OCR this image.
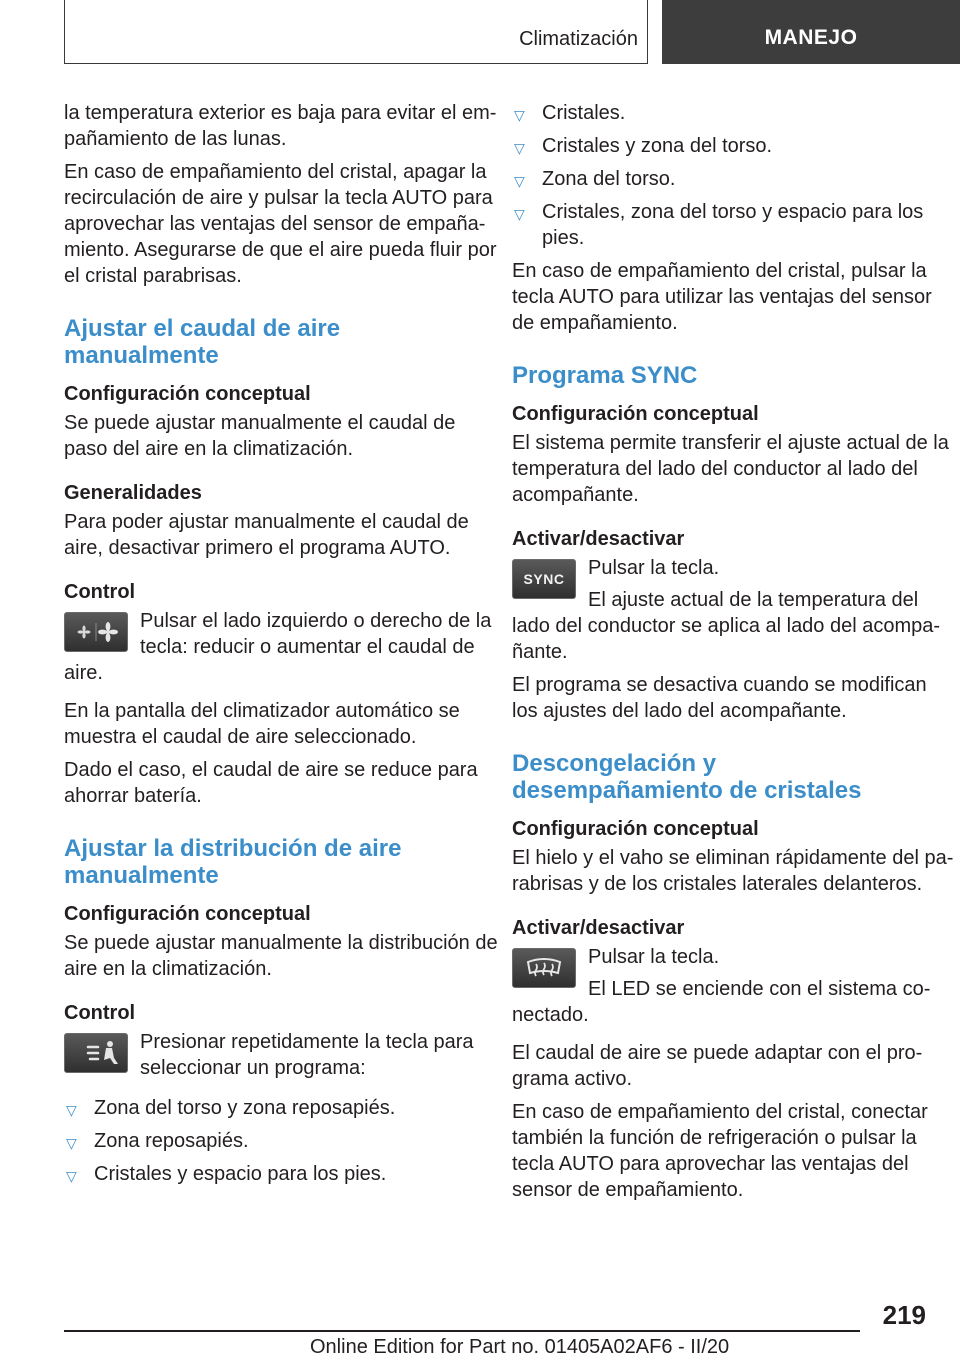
Climatización	MANEJO

la temperatura exterior es baja para evitar el em-
pañamiento de las lunas.

En caso de empañamiento del cristal, apagar la
recirculación de aire y pulsar la tecla AUTO para
aprovechar las ventajas del sensor de empaña-
miento. Asegurarse de que el aire pueda fluir por
el cristal parabrisas.

Ajustar el caudal de aire
manualmente
Configuración conceptual

Se puede ajustar manualmente el caudal de
paso del aire en la climatización.

Generalidades

Para poder ajustar manualmente el caudal de
aire, desactivar primero el programa AUTO.

Control

Pulsar el lado izquierdo o derecho de la
tecla: reducir o aumentar el caudal de

aire.

En la pantalla del climatizador automático se
muestra el caudal de aire seleccionado.

Dado el caso, el caudal de aire se reduce para
ahorrar batería.

Ajustar la distribución de aire
manualmente
Configuración conceptual

Se puede ajustar manualmente la distribución de
aire en la climatización.

Control

Presionar repetidamente la tecla para
seleccionar un programa:

▽ Zona del torso y zona reposapiés.
▽ Zona reposapiés.
▽ Cristales y espacio para los pies.
▽ Cristales.
▽ Cristales y zona del torso.
▽ Zona del torso.
▽ Cristales, zona del torso y espacio para los
pies.

En caso de empañamiento del cristal, pulsar la
tecla AUTO para utilizar las ventajas del sensor
de empañamiento.

Programa SYNC
Configuración conceptual

El sistema permite transferir el ajuste actual de la
temperatura del lado del conductor al lado del
acompañante.

Activar/desactivar
SYNC	Pulsar la tecla.

El ajuste actual de la temperatura del

lado del conductor se aplica al lado del acompa-
ñante.

El programa se desactiva cuando se modifican
los ajustes del lado del acompañante.

Descongelación y
desempañamiento de cristales
Configuración conceptual

El hielo y el vaho se eliminan rápidamente del pa-
rabrisas y de los cristales laterales delanteros.

Activar/desactivar

Pulsar la tecla.

El LED se enciende con el sistema co-

nectado.

El caudal de aire se puede adaptar con el pro-
grama activo.

En caso de empañamiento del cristal, conectar
también la función de refrigeración o pulsar la
tecla AUTO para aprovechar las ventajas del
sensor de empañamiento.

219
Online Edition for Part no. 01405A02AF6 - II/20
